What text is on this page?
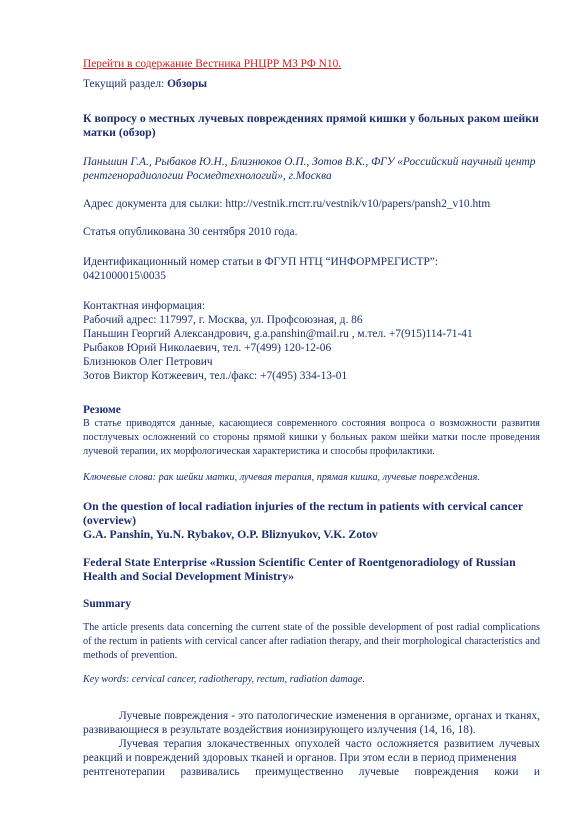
Перейти в содержание Вестника РНЦРР МЗ РФ N10.

Текущий раздел: Обзоры

К вопросу о местных лучевых повреждениях прямой кишки у больных раком шейки матки (обзор)

Паньшин Г.А., Рыбаков Ю.Н., Близнюков О.П., Зотов В.К., ФГУ «Российский научный центр рентгенорадиологии Росмедтехнологий», г.Москва

Адрес документа для сылки: http://vestnik.rncrr.ru/vestnik/v10/papers/pansh2_v10.htm

Статья опубликована 30 сентября 2010 года.

Идентификационный номер статьи в ФГУП НТЦ “ИНФОРМРЕГИСТР”:

0421000015\0035

Контактная информация:

Рабочий адрес: 117997, г. Москва, ул. Профсоюзная, д. 86

Паньшин Георгий Александрович, g.a.panshin@mail.ru , м.тел. +7(915)114-71-41

Рыбаков Юрий Николаевич, тел. +7(499) 120-12-06

Близнюков Олег Петрович

Зотов Виктор Котжеевич, тел./факс: +7(495) 334-13-01

Резюме

В статье приводятся данные, касающиеся современного состояния вопроса о возможности развития постлучевых осложнений со стороны прямой кишки у больных раком шейки матки после проведения лучевой терапии, их морфологическая характеристика и способы профилактики.

Ключевые слова: рак шейки матки, лучевая терапия, прямая кишка, лучевые повреждения.

On the question of local radiation injuries of the rectum in patients with cervical cancer (overview)

G.A. Panshin, Yu.N. Rybakov, O.P. Bliznyukov, V.K. Zotov

Federal State Enterprise «Russion Scientific Center of Roentgenoradiology of Russian Health and Social Development Ministry»

Summary

The article presents data concerning the current state of the possible development of post radial complications of the rectum in patients with cervical cancer after radiation therapy, and their morphological characteristics and methods of prevention.

Key words: cervical cancer, radiotherapy, rectum, radiation damage.

Лучевые повреждения - это патологические изменения в организме, органах и тканях, развивающиеся в результате воздействия ионизирующего излучения (14, 16, 18).

Лучевая терапия злокачественных опухолей часто осложняется развитием лучевых реакций и повреждений здоровых тканей и органов. При этом если в период применения

рентгенотерапии развивались преимущественно лучевые повреждения кожи и
